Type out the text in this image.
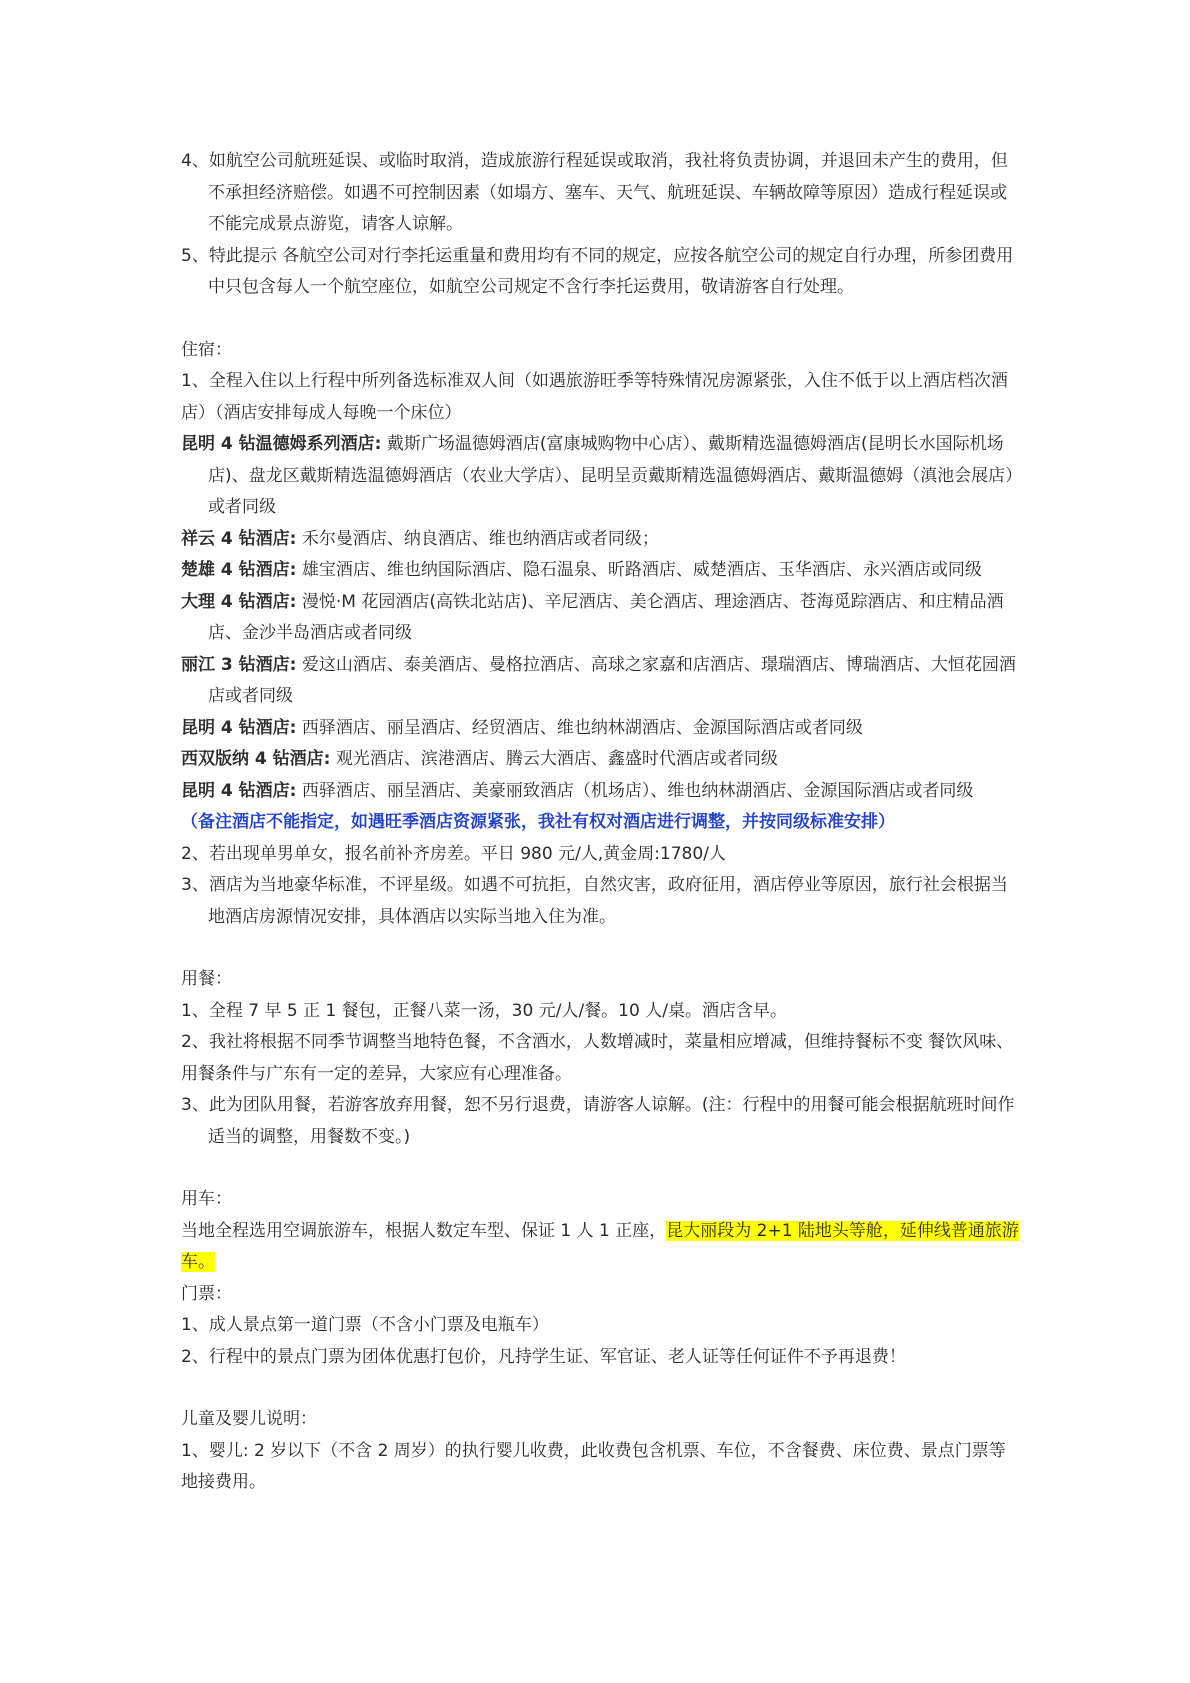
4、如航空公司航班延误、或临时取消，造成旅游行程延误或取消，我社将负责协调，并退回未产生的费用，但不承担经济赔偿。如遇不可控制因素（如塌方、塞车、天气、航班延误、车辆故障等原因）造成行程延误或不能完成景点游览，请客人谅解。

5、特此提示 各航空公司对行李托运重量和费用均有不同的规定，应按各航空公司的规定自行办理，所参团费用中只包含每人一个航空座位，如航空公司规定不含行李托运费用，敬请游客自行处理。

住宿：

1、全程入住以上行程中所列备选标准双人间（如遇旅游旺季等特殊情况房源紧张，入住不低于以上酒店档次酒店）（酒店安排每成人每晚一个床位）

昆明 4 钻温德姆系列酒店: 戴斯广场温德姆酒店(富康城购物中心店）、戴斯精选温德姆酒店(昆明长水国际机场店)、盘龙区戴斯精选温德姆酒店（农业大学店）、昆明呈贡戴斯精选温德姆酒店、戴斯温德姆（滇池会展店）或者同级

祥云 4 钻酒店: 禾尔曼酒店、纳良酒店、维也纳酒店或者同级；

楚雄 4 钻酒店: 雄宝酒店、维也纳国际酒店、隐石温泉、昕路酒店、威楚酒店、玉华酒店、永兴酒店或同级

大理 4 钻酒店: 漫悦·M 花园酒店(高铁北站店)、辛尼酒店、美仑酒店、理途酒店、苍海觅踪酒店、和庄精品酒店、金沙半岛酒店或者同级

丽江 3 钻酒店: 爱这山酒店、泰美酒店、曼格拉酒店、高球之家嘉和店酒店、璟瑞酒店、博瑞酒店、大恒花园酒店或者同级

昆明 4 钻酒店: 西驿酒店、丽呈酒店、经贸酒店、维也纳林湖酒店、金源国际酒店或者同级

西双版纳 4 钻酒店: 观光酒店、滨港酒店、腾云大酒店、鑫盛时代酒店或者同级

昆明 4 钻酒店: 西驿酒店、丽呈酒店、美豪丽致酒店（机场店）、维也纳林湖酒店、金源国际酒店或者同级

（备注酒店不能指定，如遇旺季酒店资源紧张，我社有权对酒店进行调整，并按同级标准安排）

2、若出现单男单女，报名前补齐房差。平日 980 元/人,黄金周:1780/人

3、酒店为当地豪华标准，不评星级。如遇不可抗拒，自然灾害，政府征用，酒店停业等原因，旅行社会根据当地酒店房源情况安排，具体酒店以实际当地入住为准。

用餐：

1、全程 7 早 5 正 1 餐包，正餐八菜一汤，30 元/人/餐。10 人/桌。酒店含早。

2、我社将根据不同季节调整当地特色餐，不含酒水，人数增减时，菜量相应增减，但维持餐标不变 餐饮风味、用餐条件与广东有一定的差异，大家应有心理准备。

3、此为团队用餐，若游客放弃用餐，恕不另行退费，请游客人谅解。(注：行程中的用餐可能会根据航班时间作适当的调整，用餐数不变。)

用车：

当地全程选用空调旅游车，根据人数定车型、保证 1 人 1 正座，昆大丽段为 2+1 陆地头等舱，延伸线普通旅游车。

门票：

1、成人景点第一道门票（不含小门票及电瓶车）

2、行程中的景点门票为团体优惠打包价，凡持学生证、军官证、老人证等任何证件不予再退费！

儿童及婴儿说明：

1、婴儿: 2 岁以下（不含 2 周岁）的执行婴儿收费，此收费包含机票、车位，不含餐费、床位费、景点门票等地接费用。
